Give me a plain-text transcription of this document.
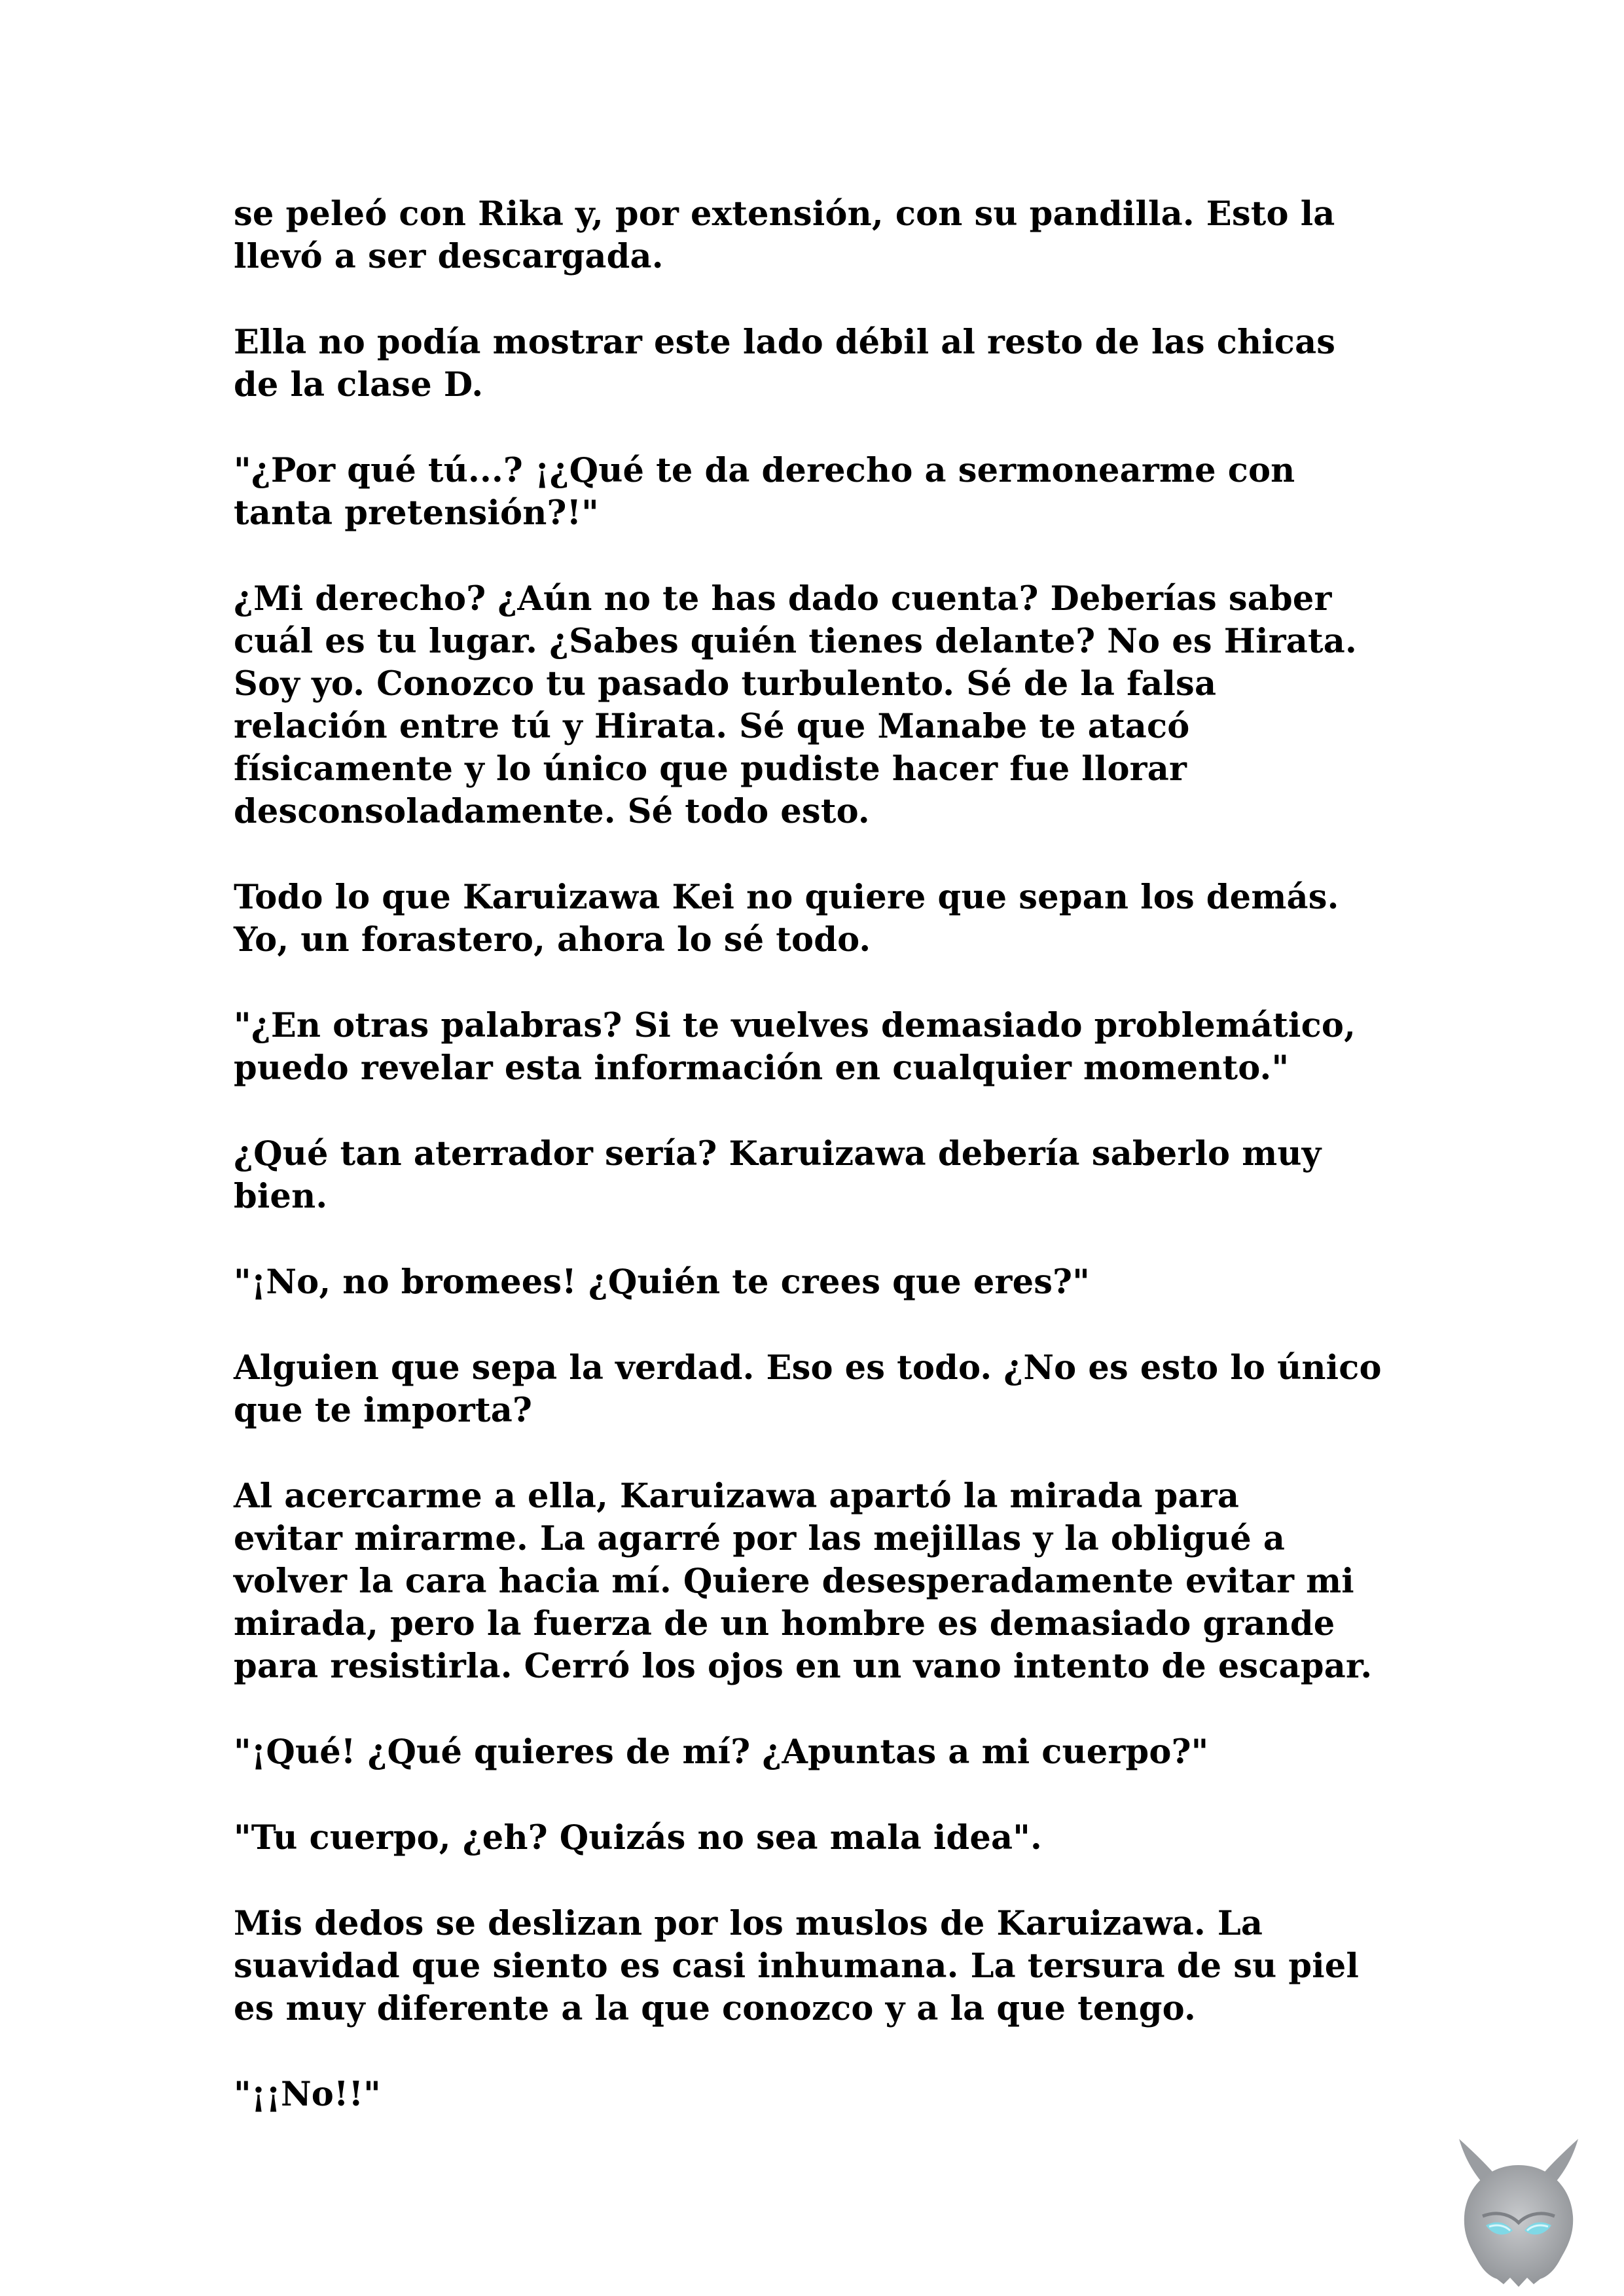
se peleó con Rika y, por extensión, con su pandilla. Esto la
llevó a ser descargada.

Ella no podía mostrar este lado débil al resto de las chicas
de la clase D.

"¿Por qué tú...? ¡¿Qué te da derecho a sermonearme con
tanta pretensión?!"

¿Mi derecho? ¿Aún no te has dado cuenta? Deberías saber
cuál es tu lugar. ¿Sabes quién tienes delante? No es Hirata.
Soy yo. Conozco tu pasado turbulento. Sé de la falsa
relación entre tú y Hirata. Sé que Manabe te atacó
físicamente y lo único que pudiste hacer fue llorar
desconsoladamente. Sé todo esto.

Todo lo que Karuizawa Kei no quiere que sepan los demás.
Yo, un forastero, ahora lo sé todo.

"¿En otras palabras? Si te vuelves demasiado problemático,
puedo revelar esta información en cualquier momento."

¿Qué tan aterrador sería? Karuizawa debería saberlo muy
bien.

"¡No, no bromees! ¿Quién te crees que eres?"

Alguien que sepa la verdad. Eso es todo. ¿No es esto lo único
que te importa?

Al acercarme a ella, Karuizawa apartó la mirada para
evitar mirarme. La agarré por las mejillas y la obligué a
volver la cara hacia mí. Quiere desesperadamente evitar mi
mirada, pero la fuerza de un hombre es demasiado grande
para resistirla. Cerró los ojos en un vano intento de escapar.

"¡Qué! ¿Qué quieres de mí? ¿Apuntas a mi cuerpo?"

"Tu cuerpo, ¿eh? Quizás no sea mala idea".

Mis dedos se deslizan por los muslos de Karuizawa. La
suavidad que siento es casi inhumana. La tersura de su piel
es muy diferente a la que conozco y a la que tengo.

"¡¡No!!"
